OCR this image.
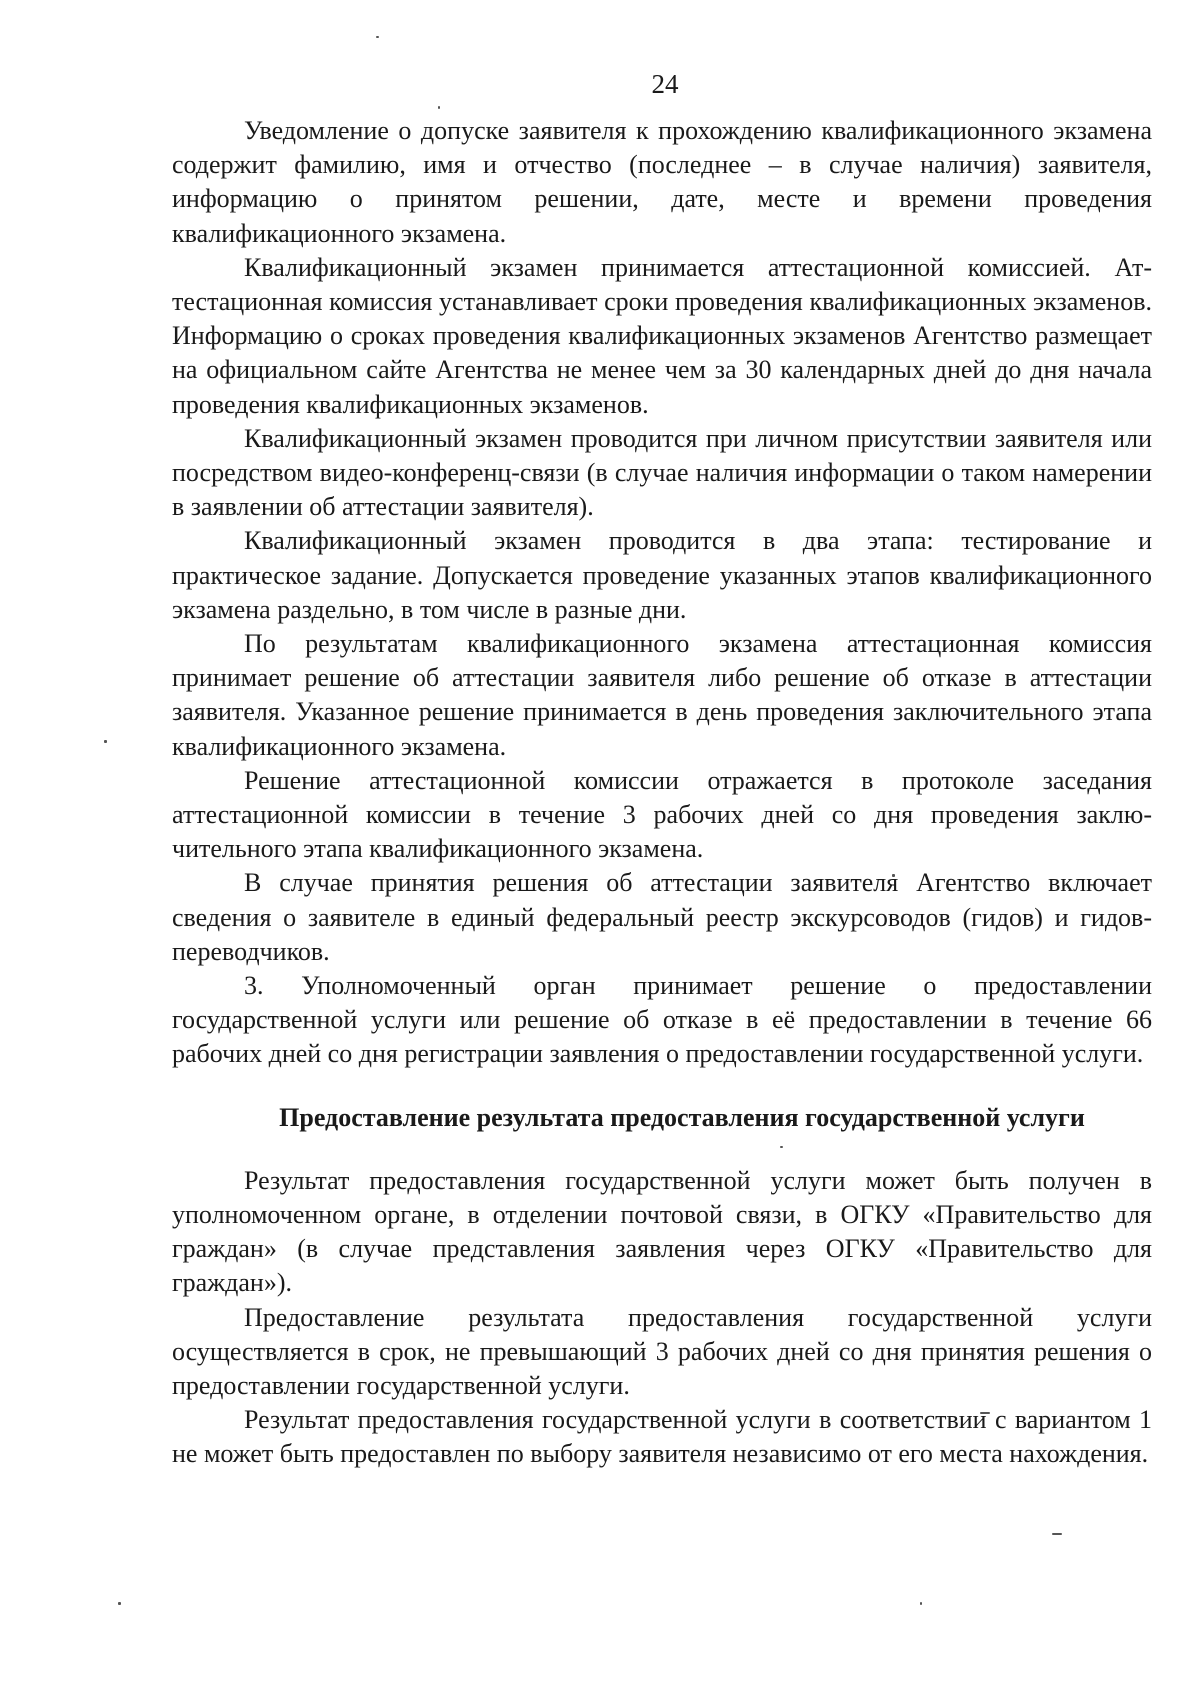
24

Уведомление о допуске заявителя к прохождению квалификационного экзамена содержит фамилию, имя и отчество (последнее – в случае наличия) заявителя, информацию о принятом решении, дате, месте и времени проведения квалификационного экзамена.

Квалификационный экзамен принимается аттестационной комиссией. Аттестационная комиссия устанавливает сроки проведения квалификационных экзаменов. Информацию о сроках проведения квалификационных экзаменов Агентство размещает на официальном сайте Агентства не менее чем за 30 календарных дней до дня начала проведения квалификационных экзаменов.

Квалификационный экзамен проводится при личном присутствии заявителя или посредством видео-конференц-связи (в случае наличия информации о таком намерении в заявлении об аттестации заявителя).

Квалификационный экзамен проводится в два этапа: тестирование и практическое задание. Допускается проведение указанных этапов квалификационного экзамена раздельно, в том числе в разные дни.

По результатам квалификационного экзамена аттестационная комиссия принимает решение об аттестации заявителя либо решение об отказе в аттестации заявителя. Указанное решение принимается в день проведения заключительного этапа квалификационного экзамена.

Решение аттестационной комиссии отражается в протоколе заседания аттестационной комиссии в течение 3 рабочих дней со дня проведения заключительного этапа квалификационного экзамена.

В случае принятия решения об аттестации заявителя Агентство включает сведения о заявителе в единый федеральный реестр экскурсоводов (гидов) и гидов-переводчиков.

3. Уполномоченный орган принимает решение о предоставлении государственной услуги или решение об отказе в её предоставлении в течение 66 рабочих дней со дня регистрации заявления о предоставлении государственной услуги.

Предоставление результата предоставления государственной услуги

Результат предоставления государственной услуги может быть получен в уполномоченном органе, в отделении почтовой связи, в ОГКУ «Правительство для граждан» (в случае представления заявления через ОГКУ «Правительство для граждан»).

Предоставление результата предоставления государственной услуги осуществляется в срок, не превышающий 3 рабочих дней со дня принятия решения о предоставлении государственной услуги.

Результат предоставления государственной услуги в соответствии с вариантом 1 не может быть предоставлен по выбору заявителя независимо от его места нахождения.
